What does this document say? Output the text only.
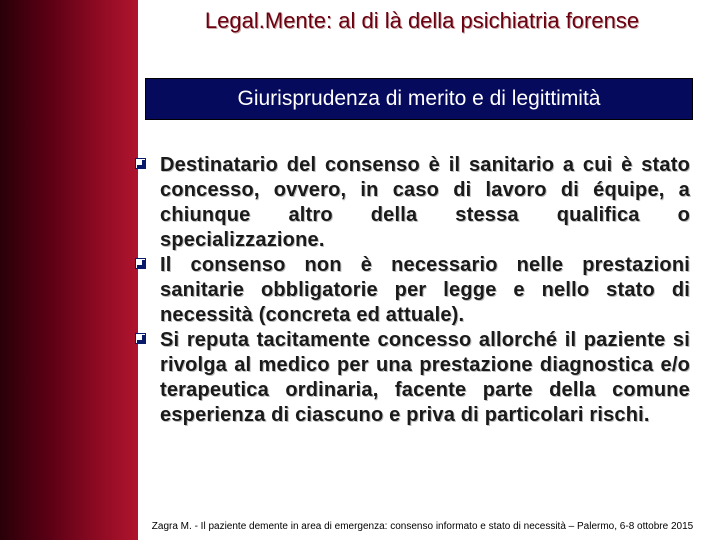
Legal.Mente: al di là della psichiatria forense
Giurisprudenza di merito e di legittimità
Destinatario del consenso è il sanitario a cui è stato concesso, ovvero, in caso di lavoro di équipe, a chiunque altro della stessa qualifica o specializzazione.
Il consenso non è necessario nelle prestazioni sanitarie obbligatorie per legge e nello stato di necessità (concreta ed attuale).
Si reputa tacitamente concesso allorché il paziente si rivolga al medico per una prestazione diagnostica e/o terapeutica ordinaria, facente parte della comune esperienza di ciascuno e priva di particolari rischi.
Zagra M. - Il paziente demente in area di emergenza: consenso informato e stato di necessità – Palermo, 6-8 ottobre 2015
